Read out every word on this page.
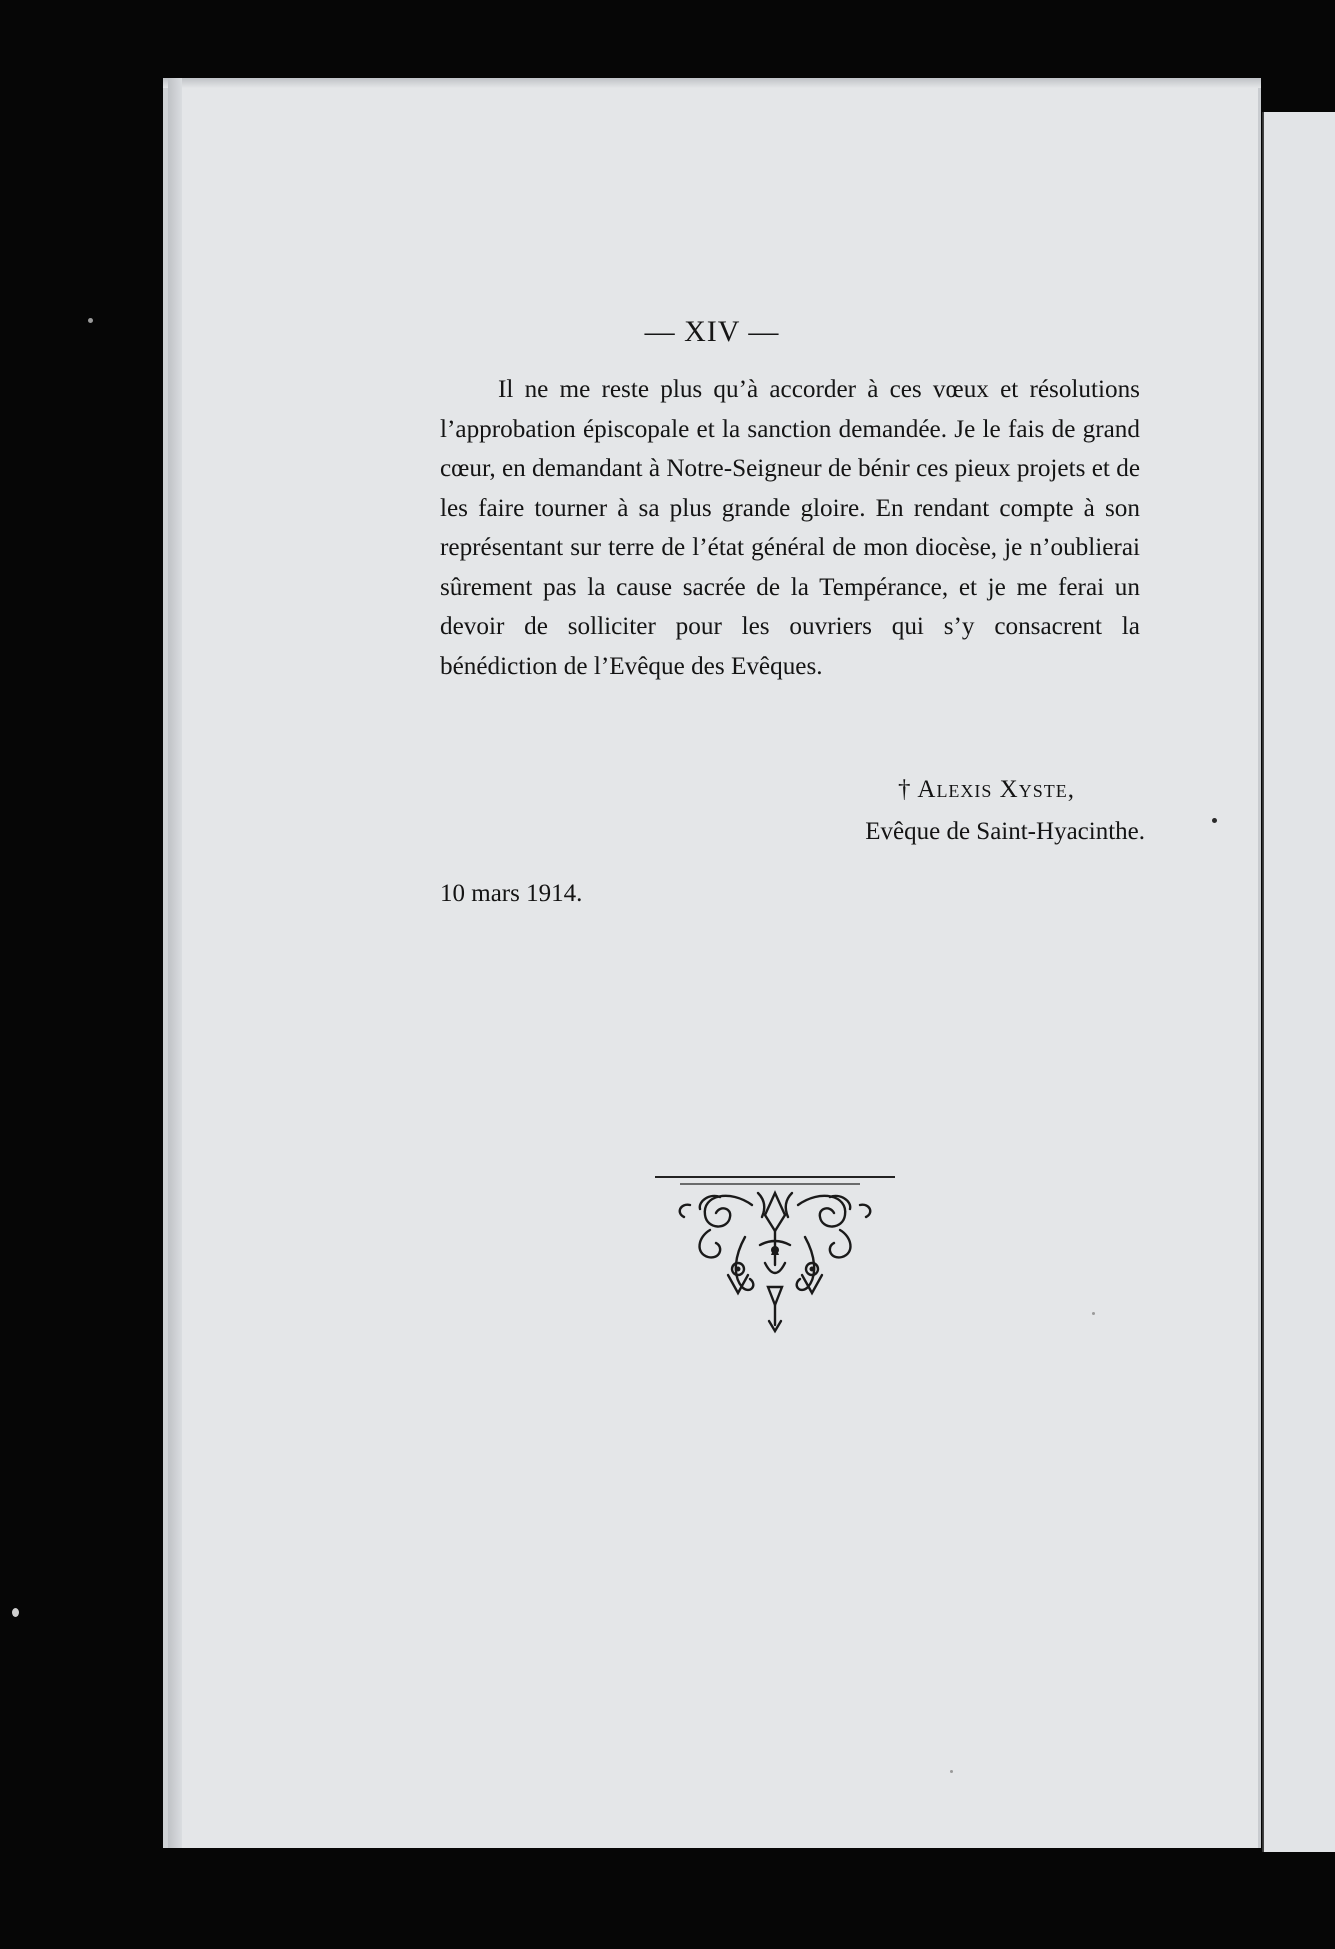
— XIV —
Il ne me reste plus qu’à accorder à ces vœux et résolutions l’approbation épiscopale et la sanction demandée. Je le fais de grand cœur, en demandant à Notre-Seigneur de bénir ces pieux projets et de les faire tourner à sa plus grande gloire. En rendant compte à son représentant sur terre de l’état général de mon diocèse, je n’oublierai sûrement pas la cause sacrée de la Tempérance, et je me ferai un devoir de solliciter pour les ouvriers qui s’y consacrent la bénédiction de l’Evêque des Evêques.
† Alexis Xyste,
Evêque de Saint-Hyacinthe.
10 mars 1914.
